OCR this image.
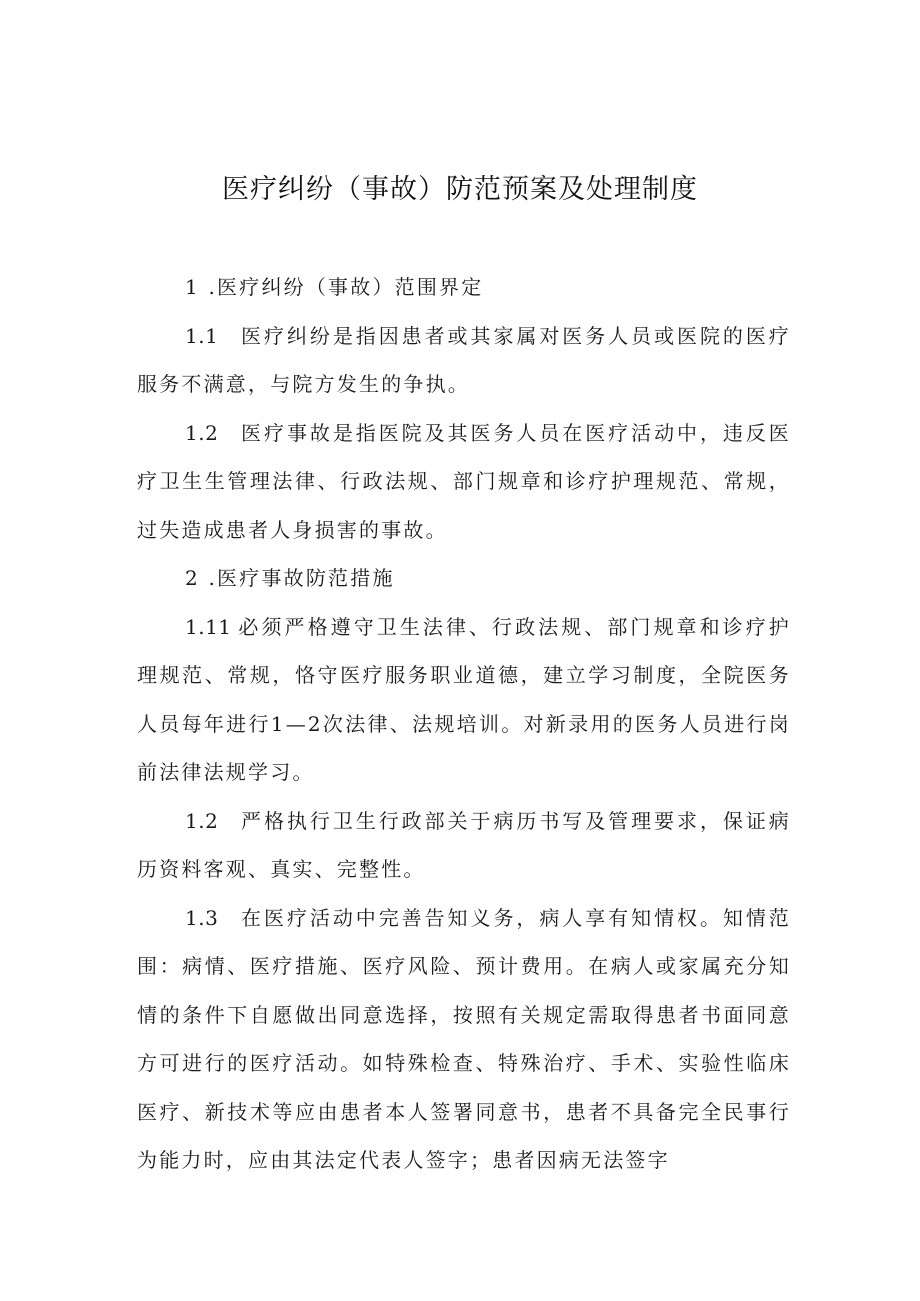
医疗纠纷（事故）防范预案及处理制度

1 .医疗纠纷（事故）范围界定

1.1 医疗纠纷是指因患者或其家属对医务人员或医院的医疗服务不满意，与院方发生的争执。

1.2 医疗事故是指医院及其医务人员在医疗活动中，违反医疗卫生生管理法律、行政法规、部门规章和诊疗护理规范、常规，过失造成患者人身损害的事故。

2 .医疗事故防范措施

1.11 必须严格遵守卫生法律、行政法规、部门规章和诊疗护理规范、常规，恪守医疗服务职业道德，建立学习制度，全院医务人员每年进行1—2次法律、法规培训。对新录用的医务人员进行岗前法律法规学习。

1.2 严格执行卫生行政部关于病历书写及管理要求，保证病历资料客观、真实、完整性。

1.3 在医疗活动中完善告知义务，病人享有知情权。知情范围：病情、医疗措施、医疗风险、预计费用。在病人或家属充分知情的条件下自愿做出同意选择，按照有关规定需取得患者书面同意方可进行的医疗活动。如特殊检查、特殊治疗、手术、实验性临床医疗、新技术等应由患者本人签署同意书，患者不具备完全民事行为能力时，应由其法定代表人签字；患者因病无法签字
